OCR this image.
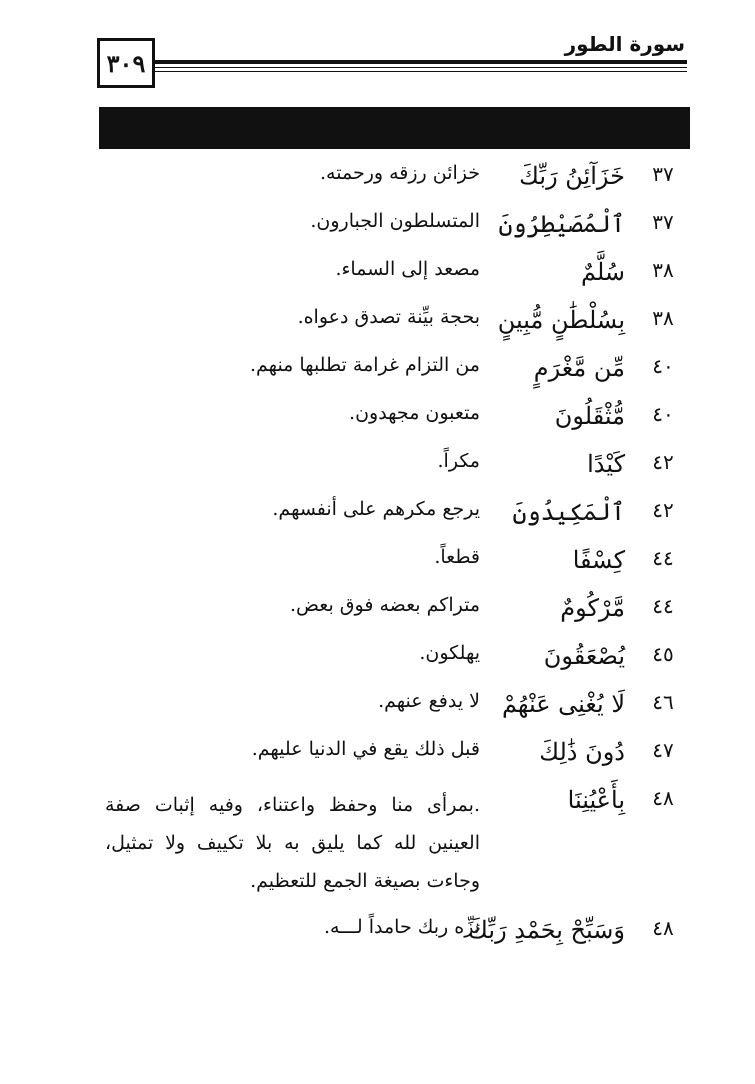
٣٠٩
سورة الطور
٣٧
خَزَآئِنُ رَبِّكَ
خزائن رزقه ورحمته.
٣٧
ٱلْمُصَيْطِرُونَ
المتسلطون الجبارون.
٣٨
سُلَّمٌ
مصعد إلى السماء.
٣٨
بِسُلْطَٰنٍ مُّبِينٍ
بحجة بيِّنة تصدق دعواه.
٤٠
مِّن مَّغْرَمٍ
من التزام غرامة تطلبها منهم.
٤٠
مُّثْقَلُونَ
متعبون مجهدون.
٤٢
كَيْدًا
مكراً.
٤٢
ٱلْمَكِيدُونَ
يرجع مكرهم على أنفسهم.
٤٤
كِسْفًا
قطعاً.
٤٤
مَّرْكُومٌ
متراكم بعضه فوق بعض.
٤٥
يُصْعَقُونَ
يهلكون.
٤٦
لَا يُغْنِى عَنْهُمْ
لا يدفع عنهم.
٤٧
دُونَ ذَٰلِكَ
قبل ذلك يقع في الدنيا عليهم.
٤٨
بِأَعْيُنِنَا
.بمرأى منا وحفظ واعتناء، وفيه إثبات صفة
العينين لله كما يليق به بلا تكييف ولا تمثيل،
وجاءت بصيغة الجمع للتعظيم.
٤٨
وَسَبِّحْ بِحَمْدِ رَبِّكَ
نزِّه ربك حامداً لـــه.
